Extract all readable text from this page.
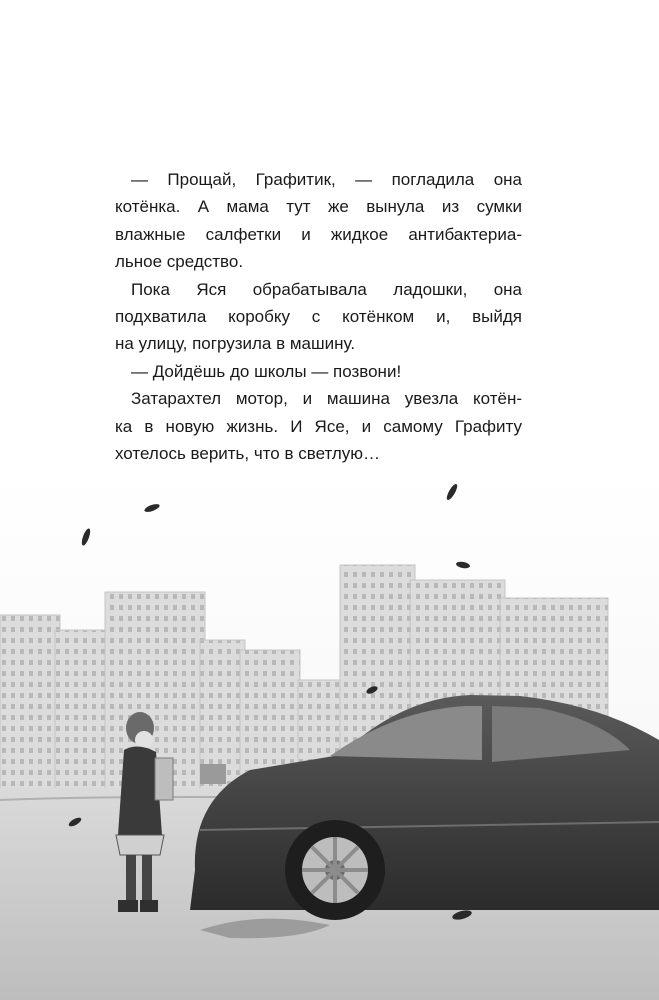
— Прощай, Графитик, — погладила она
котёнка. А мама тут же вынула из сумки
влажные салфетки и жидкое антибактериа-
льное средство.
Пока Яся обрабатывала ладошки, она
подхватила коробку с котёнком и, выйдя
на улицу, погрузила в машину.
— Дойдёшь до школы — позвони!
Затарахтел мотор, и машина увезла котён-
ка в новую жизнь. И Ясе, и самому Графиту
хотелось верить, что в светлую…
